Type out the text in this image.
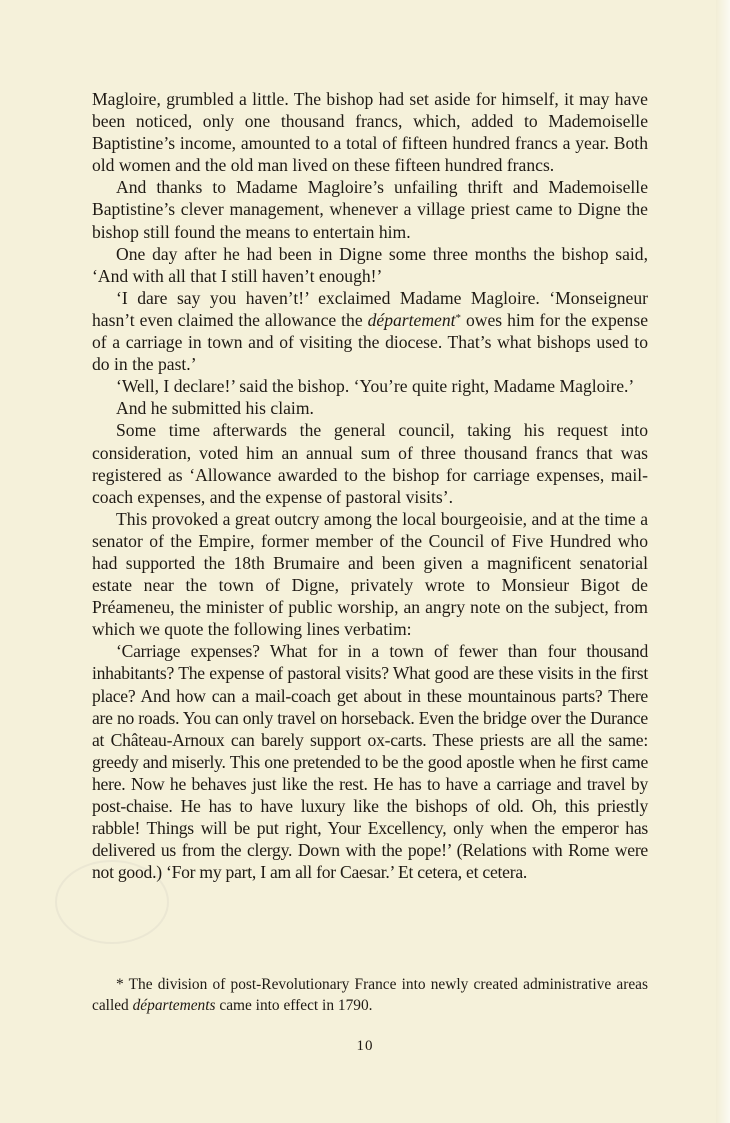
Magloire, grumbled a little. The bishop had set aside for himself, it may have been noticed, only one thousand francs, which, added to Mademoiselle Baptistine’s income, amounted to a total of fifteen hundred francs a year. Both old women and the old man lived on these fifteen hundred francs.

And thanks to Madame Magloire’s unfailing thrift and Mademoiselle Baptistine’s clever management, whenever a village priest came to Digne the bishop still found the means to entertain him.

One day after he had been in Digne some three months the bishop said, ‘And with all that I still haven’t enough!’

‘I dare say you haven’t!’ exclaimed Madame Magloire. ‘Monseigneur hasn’t even claimed the allowance the département* owes him for the expense of a carriage in town and of visiting the diocese. That’s what bishops used to do in the past.’

‘Well, I declare!’ said the bishop. ‘You’re quite right, Madame Magloire.’

And he submitted his claim.

Some time afterwards the general council, taking his request into consideration, voted him an annual sum of three thousand francs that was registered as ‘Allowance awarded to the bishop for carriage expenses, mail-coach expenses, and the expense of pastoral visits’.

This provoked a great outcry among the local bourgeoisie, and at the time a senator of the Empire, former member of the Council of Five Hundred who had supported the 18th Brumaire and been given a magnificent senatorial estate near the town of Digne, privately wrote to Monsieur Bigot de Préameneu, the minister of public worship, an angry note on the subject, from which we quote the following lines verbatim:

‘Carriage expenses? What for in a town of fewer than four thousand inhabitants? The expense of pastoral visits? What good are these visits in the first place? And how can a mail-coach get about in these mountainous parts? There are no roads. You can only travel on horseback. Even the bridge over the Durance at Château-Arnoux can barely support ox-carts. These priests are all the same: greedy and miserly. This one pretended to be the good apostle when he first came here. Now he behaves just like the rest. He has to have a carriage and travel by post-chaise. He has to have luxury like the bishops of old. Oh, this priestly rabble! Things will be put right, Your Excellency, only when the emperor has delivered us from the clergy. Down with the pope!’ (Relations with Rome were not good.) ‘For my part, I am all for Caesar.’ Et cetera, et cetera.

* The division of post-Revolutionary France into newly created administrative areas called départements came into effect in 1790.

10
